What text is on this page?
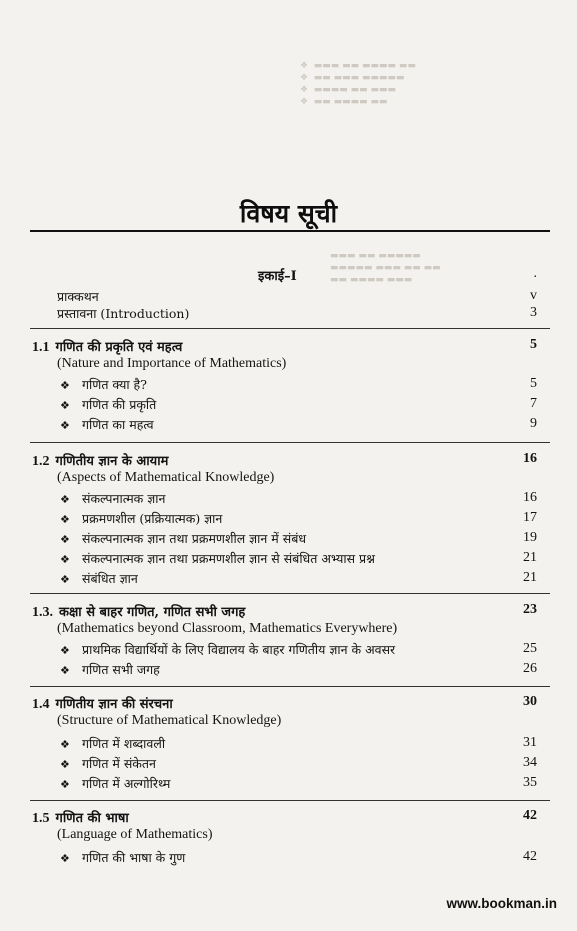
❖  ▬▬▬ ▬▬ ▬▬▬▬ ▬▬
❖  ▬▬ ▬▬▬ ▬▬▬▬▬
❖  ▬▬▬▬ ▬▬ ▬▬▬
❖  ▬▬ ▬▬▬▬ ▬▬
▬▬▬ ▬▬ ▬▬▬▬▬
▬▬▬▬▬ ▬▬▬ ▬▬ ▬▬
▬▬ ▬▬▬▬ ▬▬▬
विषय सूची
इकाई–I	.
प्राक्कथन	v
प्रस्तावना (Introduction)	3
1.1 गणित की प्रकृति एवं महत्व	5
(Nature and Importance of Mathematics)
❖ गणित क्या है?	5
❖ गणित की प्रकृति	7
❖ गणित का महत्व	9
1.2 गणितीय ज्ञान के आयाम	16
(Aspects of Mathematical Knowledge)
❖ संकल्पनात्मक ज्ञान	16
❖ प्रक्रमणशील (प्रक्रियात्मक) ज्ञान	17
❖ संकल्पनात्मक ज्ञान तथा प्रक्रमणशील ज्ञान में संबंध	19
❖ संकल्पनात्मक ज्ञान तथा प्रक्रमणशील ज्ञान से संबंधित अभ्यास प्रश्न	21
❖ संबंधित ज्ञान	21
1.3. कक्षा से बाहर गणित, गणित सभी जगह	23
(Mathematics beyond Classroom, Mathematics Everywhere)
❖ प्राथमिक विद्यार्थियों के लिए विद्यालय के बाहर गणितीय ज्ञान के अवसर	25
❖ गणित सभी जगह	26
1.4 गणितीय ज्ञान की संरचना	30
(Structure of Mathematical Knowledge)
❖ गणित में शब्दावली	31
❖ गणित में संकेतन	34
❖ गणित में अल्गोरिथ्म	35
1.5 गणित की भाषा	42
(Language of Mathematics)
❖ गणित की भाषा के गुण	42
www.bookman.in
